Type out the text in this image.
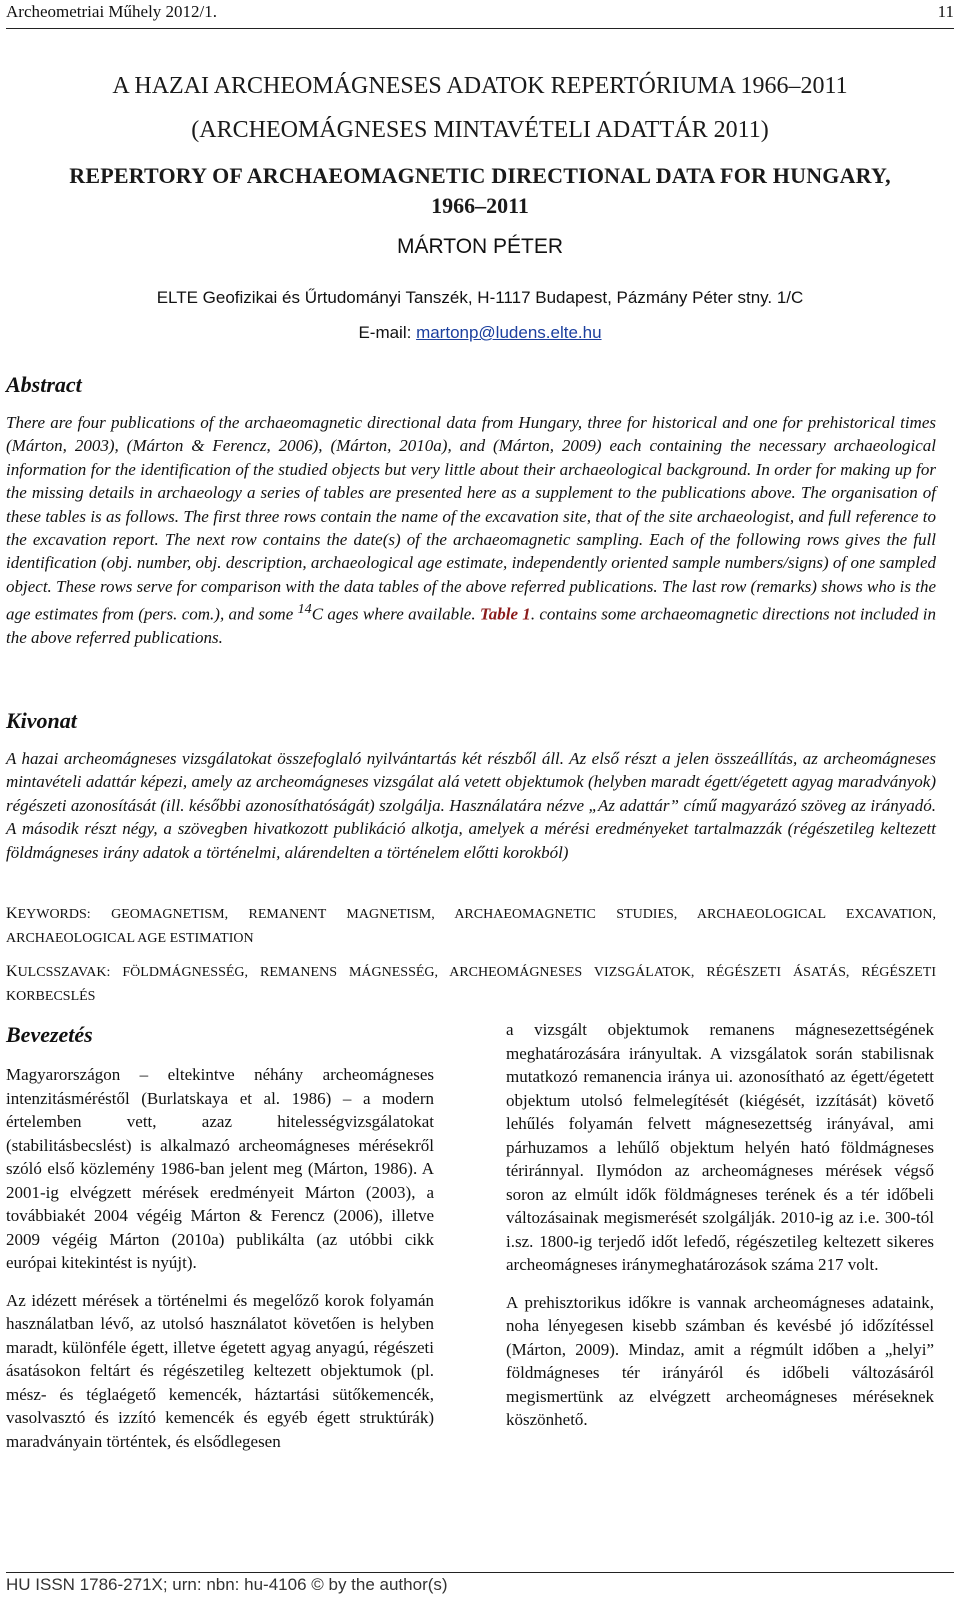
Archeometriai Műhely 2012/1.	11
A HAZAI ARCHEOMÁGNESES ADATOK REPERTÓRIUMA 1966–2011
(ARCHEOMÁGNESES MINTAVÉTELI ADATTÁR 2011)
REPERTORY OF ARCHAEOMAGNETIC DIRECTIONAL DATA FOR HUNGARY,
1966–2011
MÁRTON PÉTER
ELTE Geofizikai és Űrtudományi Tanszék, H-1117 Budapest, Pázmány Péter stny. 1/C
E-mail: martonp@ludens.elte.hu
Abstract
There are four publications of the archaeomagnetic directional data from Hungary, three for historical and one for prehistorical times (Márton, 2003), (Márton & Ferencz, 2006), (Márton, 2010a), and (Márton, 2009) each containing the necessary archaeological information for the identification of the studied objects but very little about their archaeological background. In order for making up for the missing details in archaeology a series of tables are presented here as a supplement to the publications above. The organisation of these tables is as follows. The first three rows contain the name of the excavation site, that of the site archaeologist, and full reference to the excavation report. The next row contains the date(s) of the archaeomagnetic sampling. Each of the following rows gives the full identification (obj. number, obj. description, archaeological age estimate, independently oriented sample numbers/signs) of one sampled object. These rows serve for comparison with the data tables of the above referred publications. The last row (remarks) shows who is the age estimates from (pers. com.), and some $^{14}$C ages where available. Table 1. contains some archaeomagnetic directions not included in the above referred publications.
Kivonat
A hazai archeomágneses vizsgálatokat összefoglaló nyilvántartás két részből áll. Az első részt a jelen összeállítás, az archeomágneses mintavételi adattár képezi, amely az archeomágneses vizsgálat alá vetett objektumok (helyben maradt égett/égetett agyag maradványok) régészeti azonosítását (ill. későbbi azonosíthatóságát) szolgálja. Használatára nézve „Az adattár” című magyarázó szöveg az irányadó. A második részt négy, a szövegben hivatkozott publikáció alkotja, amelyek a mérési eredményeket tartalmazzák (régészetileg keltezett földmágneses irány adatok a történelmi, alárendelten a történelem előtti korokból)
KEYWORDS: GEOMAGNETISM, REMANENT MAGNETISM, ARCHAEOMAGNETIC STUDIES, ARCHAEOLOGICAL EXCAVATION, ARCHAEOLOGICAL AGE ESTIMATION
KULCSSZAVAK: FÖLDMÁGNESSÉG, REMANENS MÁGNESSÉG, ARCHEOMÁGNESES VIZSGÁLATOK, RÉGÉSZETI ÁSATÁS, RÉGÉSZETI KORBECSLÉS
Bevezetés

Magyarországon – eltekintve néhány archeomágneses intenzitásméréstől (Burlatskaya et al. 1986) – a modern értelemben vett, azaz hitelességvizsgálatokat (stabilitásbecslést) is alkalmazó archeomágneses mérésekről szóló első közlemény 1986-ban jelent meg (Márton, 1986). A 2001-ig elvégzett mérések eredményeit Márton (2003), a továbbiakét 2004 végéig Márton & Ferencz (2006), illetve 2009 végéig Márton (2010a) publikálta (az utóbbi cikk európai kitekintést is nyújt).

Az idézett mérések a történelmi és megelőző korok folyamán használatban lévő, az utolsó használatot követően is helyben maradt, különféle égett, illetve égetett agyag anyagú, régészeti ásatásokon feltárt és régészetileg keltezett objektumok (pl. mész- és téglaégető kemencék, háztartási sütőkemencék, vasolvasztó és izzító kemencék és egyéb égett struktúrák) maradványain történtek, és elsődlegesen

a vizsgált objektumok remanens mágnesezettségének meghatározására irányultak. A vizsgálatok során stabilisnak mutatkozó remanencia iránya ui. azonosítható az égett/égetett objektum utolsó felmelegítését (kiégését, izzítását) követő lehűlés folyamán felvett mágnesezettség irányával, ami párhuzamos a lehűlő objektum helyén ható földmágneses tériránnyal. Ilymódon az archeomágneses mérések végső soron az elmúlt idők földmágneses terének és a tér időbeli változásainak megismerését szolgálják. 2010-ig az i.e. 300-tól i.sz. 1800-ig terjedő időt lefedő, régészetileg keltezett sikeres archeomágneses iránymeghatározások száma 217 volt.

A prehisztorikus időkre is vannak archeomágneses adataink, noha lényegesen kisebb számban és kevésbé jó időzítéssel (Márton, 2009). Mindaz, amit a régmúlt időben a „helyi” földmágneses tér irányáról és időbeli változásáról megismertünk az elvégzett archeomágneses méréseknek köszönhető.

HU ISSN 1786-271X; urn: nbn: hu-4106 © by the author(s)
